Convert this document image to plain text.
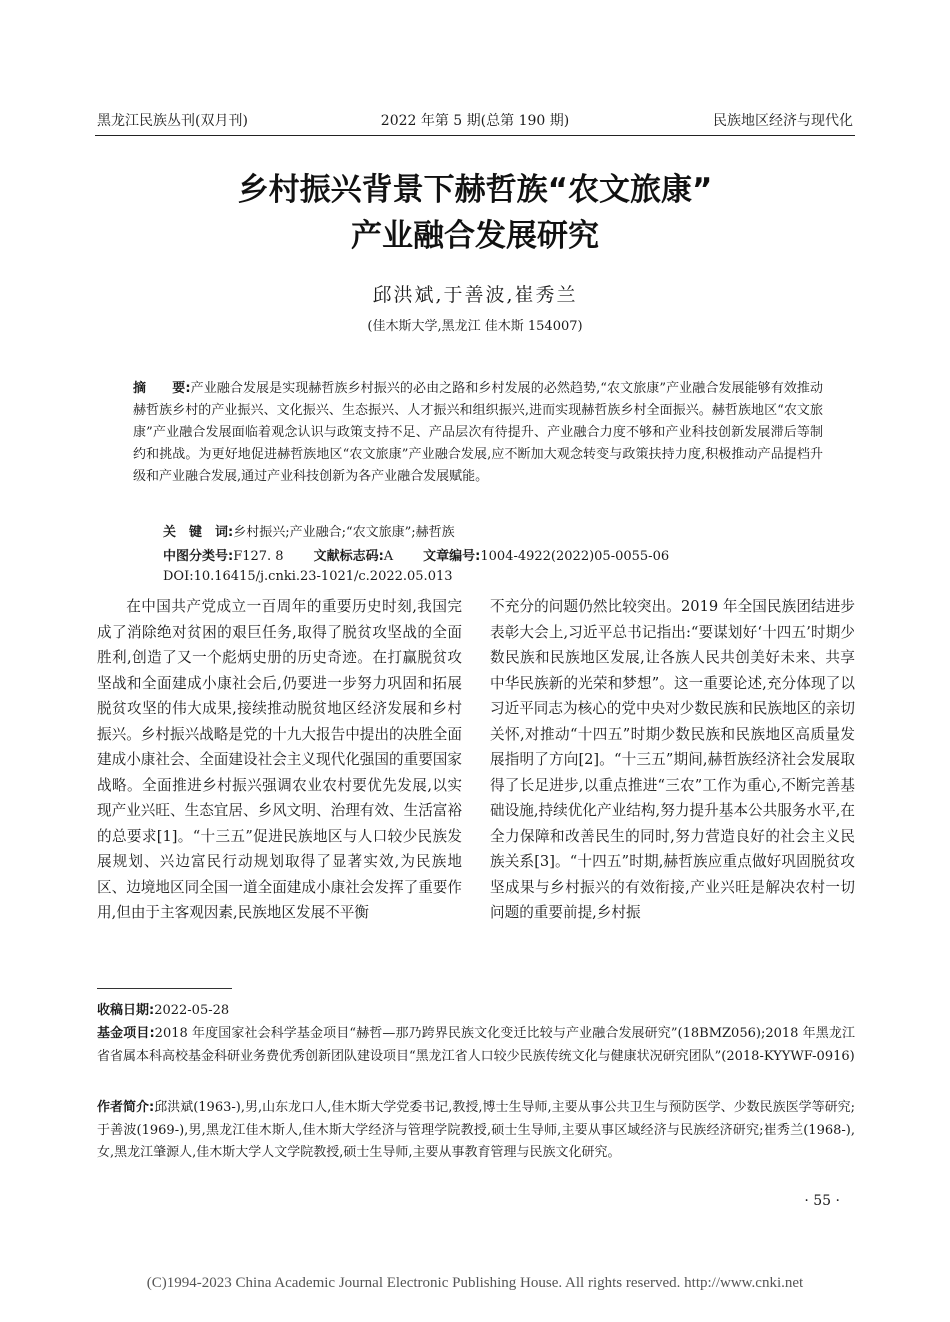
黑龙江民族丛刊(双月刊)	2022 年第 5 期(总第 190 期)	民族地区经济与现代化
乡村振兴背景下赫哲族“农文旅康”
产业融合发展研究
邱洪斌,于善波,崔秀兰
(佳木斯大学,黑龙江 佳木斯 154007)
摘　　要:产业融合发展是实现赫哲族乡村振兴的必由之路和乡村发展的必然趋势,“农文旅康”产业融合发展能够有效推动赫哲族乡村的产业振兴、文化振兴、生态振兴、人才振兴和组织振兴,进而实现赫哲族乡村全面振兴。赫哲族地区“农文旅康”产业融合发展面临着观念认识与政策支持不足、产品层次有待提升、产业融合力度不够和产业科技创新发展滞后等制约和挑战。为更好地促进赫哲族地区“农文旅康”产业融合发展,应不断加大观念转变与政策扶持力度,积极推动产品提档升级和产业融合发展,通过产业科技创新为各产业融合发展赋能。
关　键　词:乡村振兴;产业融合;“农文旅康”;赫哲族
中图分类号:F127. 8 文献标志码:A 文章编号:1004-4922(2022)05-0055-06
DOI:10.16415/j.cnki.23-1021/c.2022.05.013
在中国共产党成立一百周年的重要历史时刻,我国完成了消除绝对贫困的艰巨任务,取得了脱贫攻坚战的全面胜利,创造了又一个彪炳史册的历史奇迹。在打赢脱贫攻坚战和全面建成小康社会后,仍要进一步努力巩固和拓展脱贫攻坚的伟大成果,接续推动脱贫地区经济发展和乡村振兴。乡村振兴战略是党的十九大报告中提出的决胜全面建成小康社会、全面建设社会主义现代化强国的重要国家战略。全面推进乡村振兴强调农业农村要优先发展,以实现产业兴旺、生态宜居、乡风文明、治理有效、生活富裕的总要求[1]。“十三五”促进民族地区与人口较少民族发展规划、兴边富民行动规划取得了显著实效,为民族地区、边境地区同全国一道全面建成小康社会发挥了重要作用,但由于主客观因素,民族地区发展不平衡
不充分的问题仍然比较突出。2019 年全国民族团结进步表彰大会上,习近平总书记指出:“要谋划好‘十四五’时期少数民族和民族地区发展,让各族人民共创美好未来、共享中华民族新的光荣和梦想”。这一重要论述,充分体现了以习近平同志为核心的党中央对少数民族和民族地区的亲切关怀,对推动“十四五”时期少数民族和民族地区高质量发展指明了方向[2]。“十三五”期间,赫哲族经济社会发展取得了长足进步,以重点推进“三农”工作为重心,不断完善基础设施,持续优化产业结构,努力提升基本公共服务水平,在全力保障和改善民生的同时,努力营造良好的社会主义民族关系[3]。“十四五”时期,赫哲族应重点做好巩固脱贫攻坚成果与乡村振兴的有效衔接,产业兴旺是解决农村一切问题的重要前提,乡村振
收稿日期:2022-05-28
基金项目:2018 年度国家社会科学基金项目“赫哲—那乃跨界民族文化变迁比较与产业融合发展研究”(18BMZ056);2018 年黑龙江省省属本科高校基金科研业务费优秀创新团队建设项目“黑龙江省人口较少民族传统文化与健康状况研究团队”(2018-KYYWF-0916)
作者简介:邱洪斌(1963-),男,山东龙口人,佳木斯大学党委书记,教授,博士生导师,主要从事公共卫生与预防医学、少数民族医学等研究;于善波(1969-),男,黑龙江佳木斯人,佳木斯大学经济与管理学院教授,硕士生导师,主要从事区域经济与民族经济研究;崔秀兰(1968-),女,黑龙江肇源人,佳木斯大学人文学院教授,硕士生导师,主要从事教育管理与民族文化研究。
· 55 ·
(C)1994-2023 China Academic Journal Electronic Publishing House. All rights reserved. http://www.cnki.net
